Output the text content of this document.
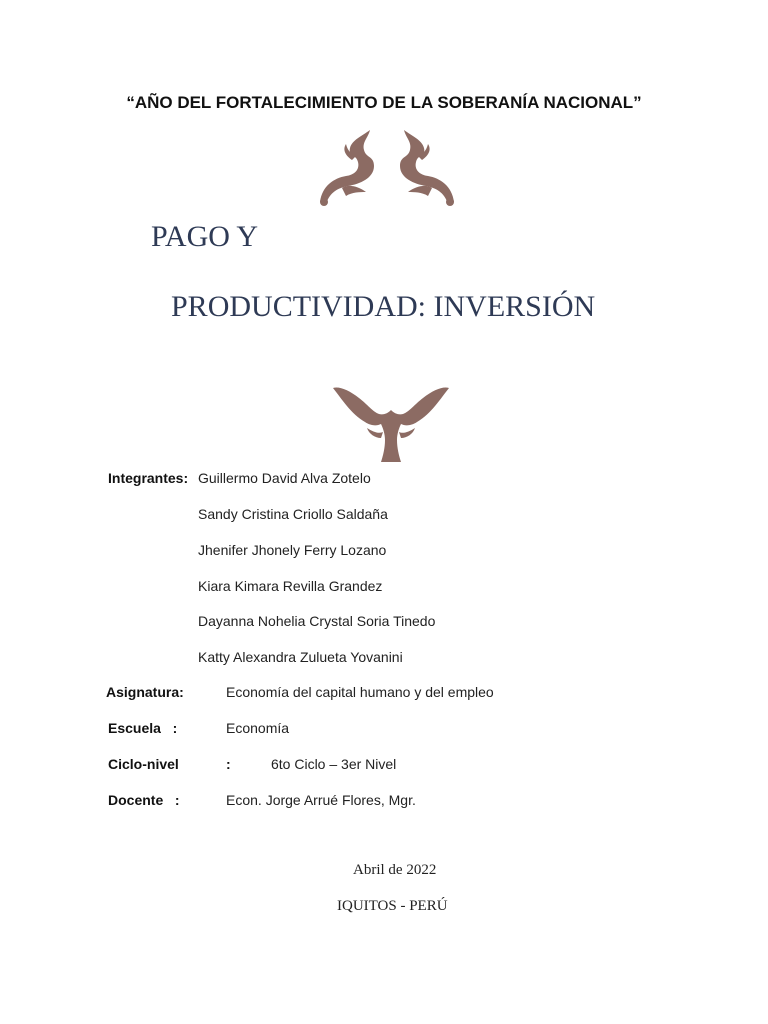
“AÑO DEL FORTALECIMIENTO DE LA SOBERANÍA NACIONAL”
PAGO Y
PRODUCTIVIDAD: INVERSIÓN
Integrantes: Guillermo David Alva Zotelo
Sandy Cristina Criollo Saldaña
Jhenifer Jhonely Ferry Lozano
Kiara Kimara Revilla Grandez
Dayanna Nohelia Crystal Soria Tinedo
Katty Alexandra Zulueta Yovanini
Asignatura:	Economía del capital humano y del empleo
Escuela   :	Economía
Ciclo-nivel	:	6to Ciclo – 3er Nivel
Docente   :	Econ. Jorge Arrué Flores, Mgr.
Abril de 2022
IQUITOS - PERÚ
